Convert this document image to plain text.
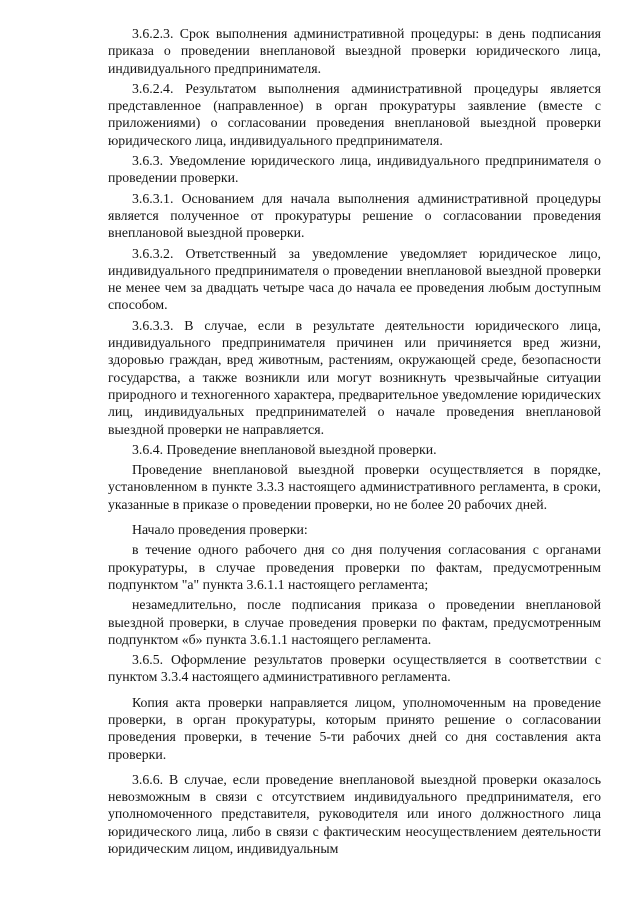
3.6.2.3. Срок выполнения административной процедуры: в день подписания приказа о проведении внеплановой выездной проверки юридического лица, индивидуального предпринимателя.

3.6.2.4. Результатом выполнения административной процедуры является представленное (направленное) в орган прокуратуры заявление (вместе с приложениями) о согласовании проведения внеплановой выездной проверки юридического лица, индивидуального предпринимателя.

3.6.3. Уведомление юридического лица, индивидуального предпринимателя о проведении проверки.

3.6.3.1. Основанием для начала выполнения административной процедуры является полученное от прокуратуры решение о согласовании проведения внеплановой выездной проверки.

3.6.3.2. Ответственный за уведомление уведомляет юридическое лицо, индивидуального предпринимателя о проведении внеплановой выездной проверки не менее чем за двадцать четыре часа до начала ее проведения любым доступным способом.

3.6.3.3. В случае, если в результате деятельности юридического лица, индивидуального предпринимателя причинен или причиняется вред жизни, здоровью граждан, вред животным, растениям, окружающей среде, безопасности государства, а также возникли или могут возникнуть чрезвычайные ситуации природного и техногенного характера, предварительное уведомление юридических лиц, индивидуальных предпринимателей о начале проведения внеплановой выездной проверки не направляется.

3.6.4. Проведение внеплановой выездной проверки.

Проведение внеплановой выездной проверки осуществляется в порядке, установленном в пункте 3.3.3 настоящего административного регламента, в сроки, указанные в приказе о проведении проверки, но не более 20 рабочих дней.

Начало проведения проверки:

в течение одного рабочего дня со дня получения согласования с органами прокуратуры, в случае проведения проверки по фактам, предусмотренным подпунктом "а" пункта 3.6.1.1 настоящего регламента;

незамедлительно, после подписания приказа о проведении внеплановой выездной проверки, в случае проведения проверки по фактам, предусмотренным подпунктом «б» пункта 3.6.1.1 настоящего регламента.

3.6.5. Оформление результатов проверки осуществляется в соответствии с пунктом 3.3.4 настоящего административного регламента.

Копия акта проверки направляется лицом, уполномоченным на проведение проверки, в орган прокуратуры, которым принято решение о согласовании проведения проверки, в течение 5-ти рабочих дней со дня составления акта проверки.

3.6.6. В случае, если проведение внеплановой выездной проверки оказалось невозможным в связи с отсутствием индивидуального предпринимателя, его уполномоченного представителя, руководителя или иного должностного лица юридического лица, либо в связи с фактическим неосуществлением деятельности юридическим лицом, индивидуальным
